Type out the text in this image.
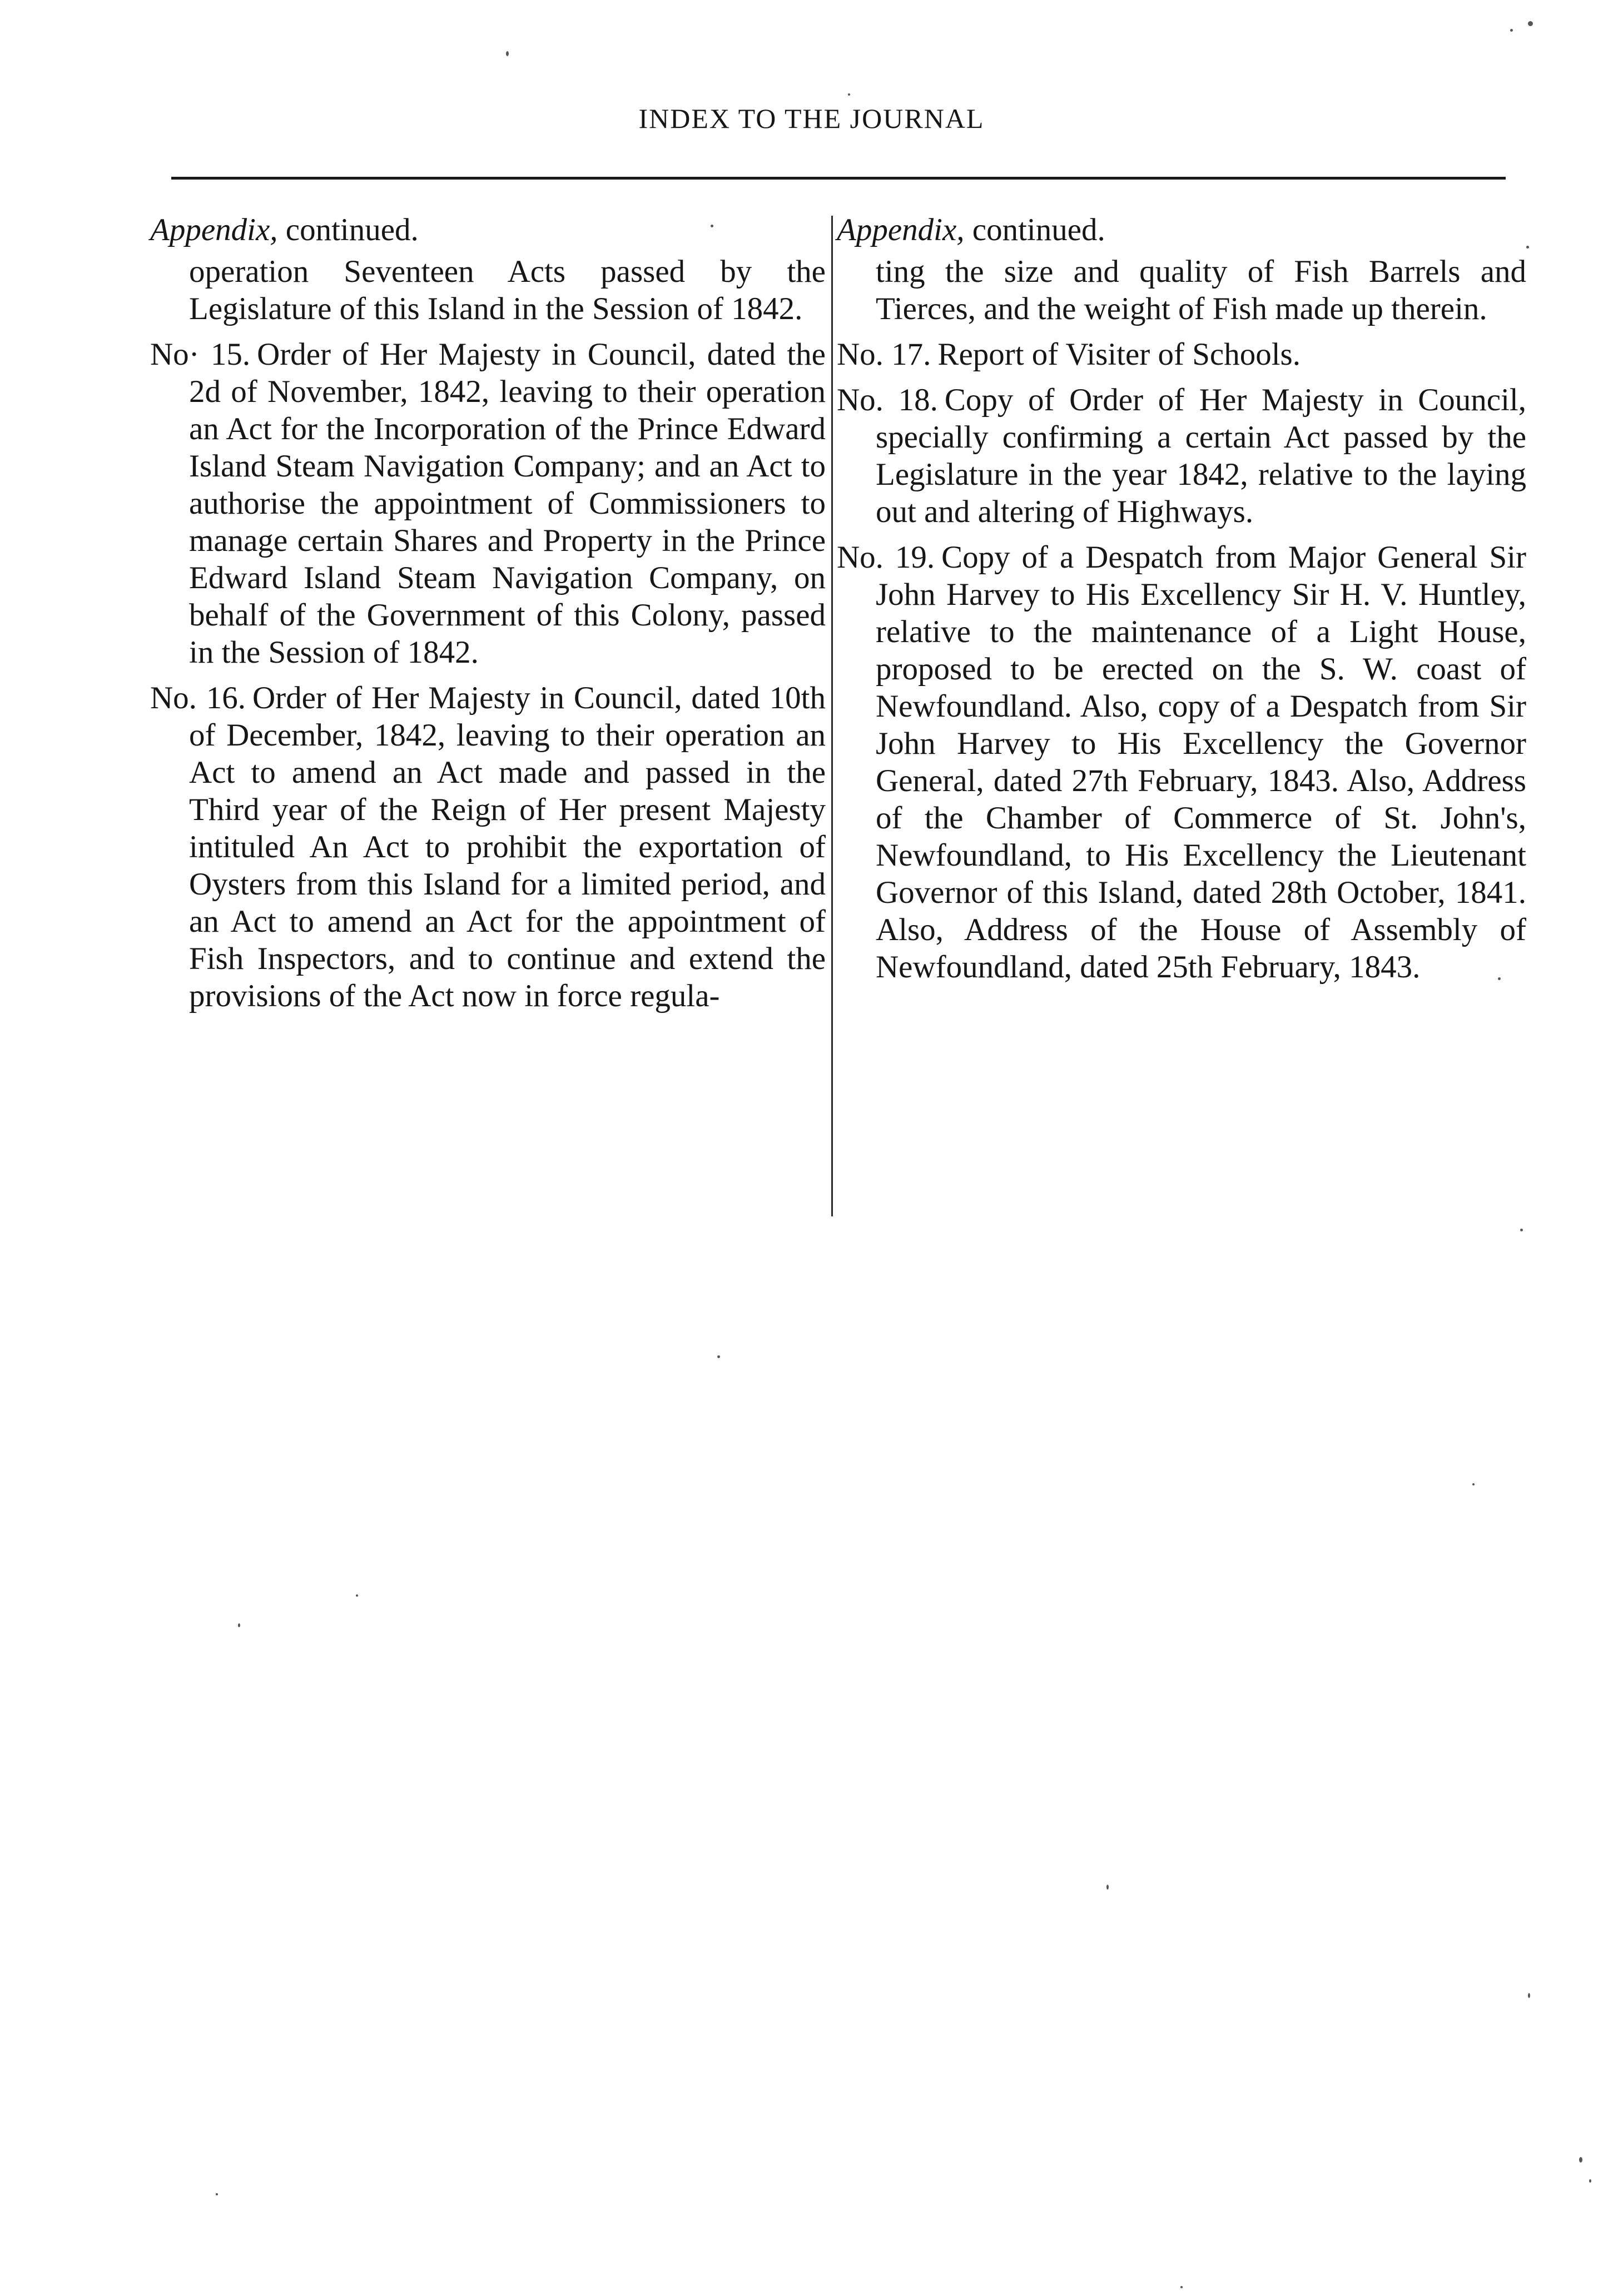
INDEX TO THE JOURNAL
Appendix, continued.

operation Seventeen Acts passed by the Legislature of this Island in the Session of 1842.

No· 15. Order of Her Majesty in Council, dated the 2d of November, 1842, leaving to their operation an Act for the Incorporation of the Prince Edward Island Steam Navigation Company; and an Act to authorise the appointment of Commissioners to manage certain Shares and Property in the Prince Edward Island Steam Navigation Company, on behalf of the Government of this Colony, passed in the Session of 1842.

No. 16. Order of Her Majesty in Council, dated 10th of December, 1842, leaving to their operation an Act to amend an Act made and passed in the Third year of the Reign of Her present Majesty intituled An Act to prohibit the exportation of Oysters from this Island for a limited period, and an Act to amend an Act for the appointment of Fish Inspectors, and to continue and extend the provisions of the Act now in force regula-

Appendix, continued.

ting the size and quality of Fish Barrels and Tierces, and the weight of Fish made up therein.

No. 17. Report of Visiter of Schools.

No. 18. Copy of Order of Her Majesty in Council, specially confirming a certain Act passed by the Legislature in the year 1842, relative to the laying out and altering of Highways.

No. 19. Copy of a Despatch from Major General Sir John Harvey to His Excellency Sir H. V. Huntley, relative to the maintenance of a Light House, proposed to be erected on the S. W. coast of Newfoundland. Also, copy of a Despatch from Sir John Harvey to His Excellency the Governor General, dated 27th February, 1843. Also, Address of the Chamber of Commerce of St. John's, Newfoundland, to His Excellency the Lieutenant Governor of this Island, dated 28th October, 1841. Also, Address of the House of Assembly of Newfoundland, dated 25th February, 1843.
